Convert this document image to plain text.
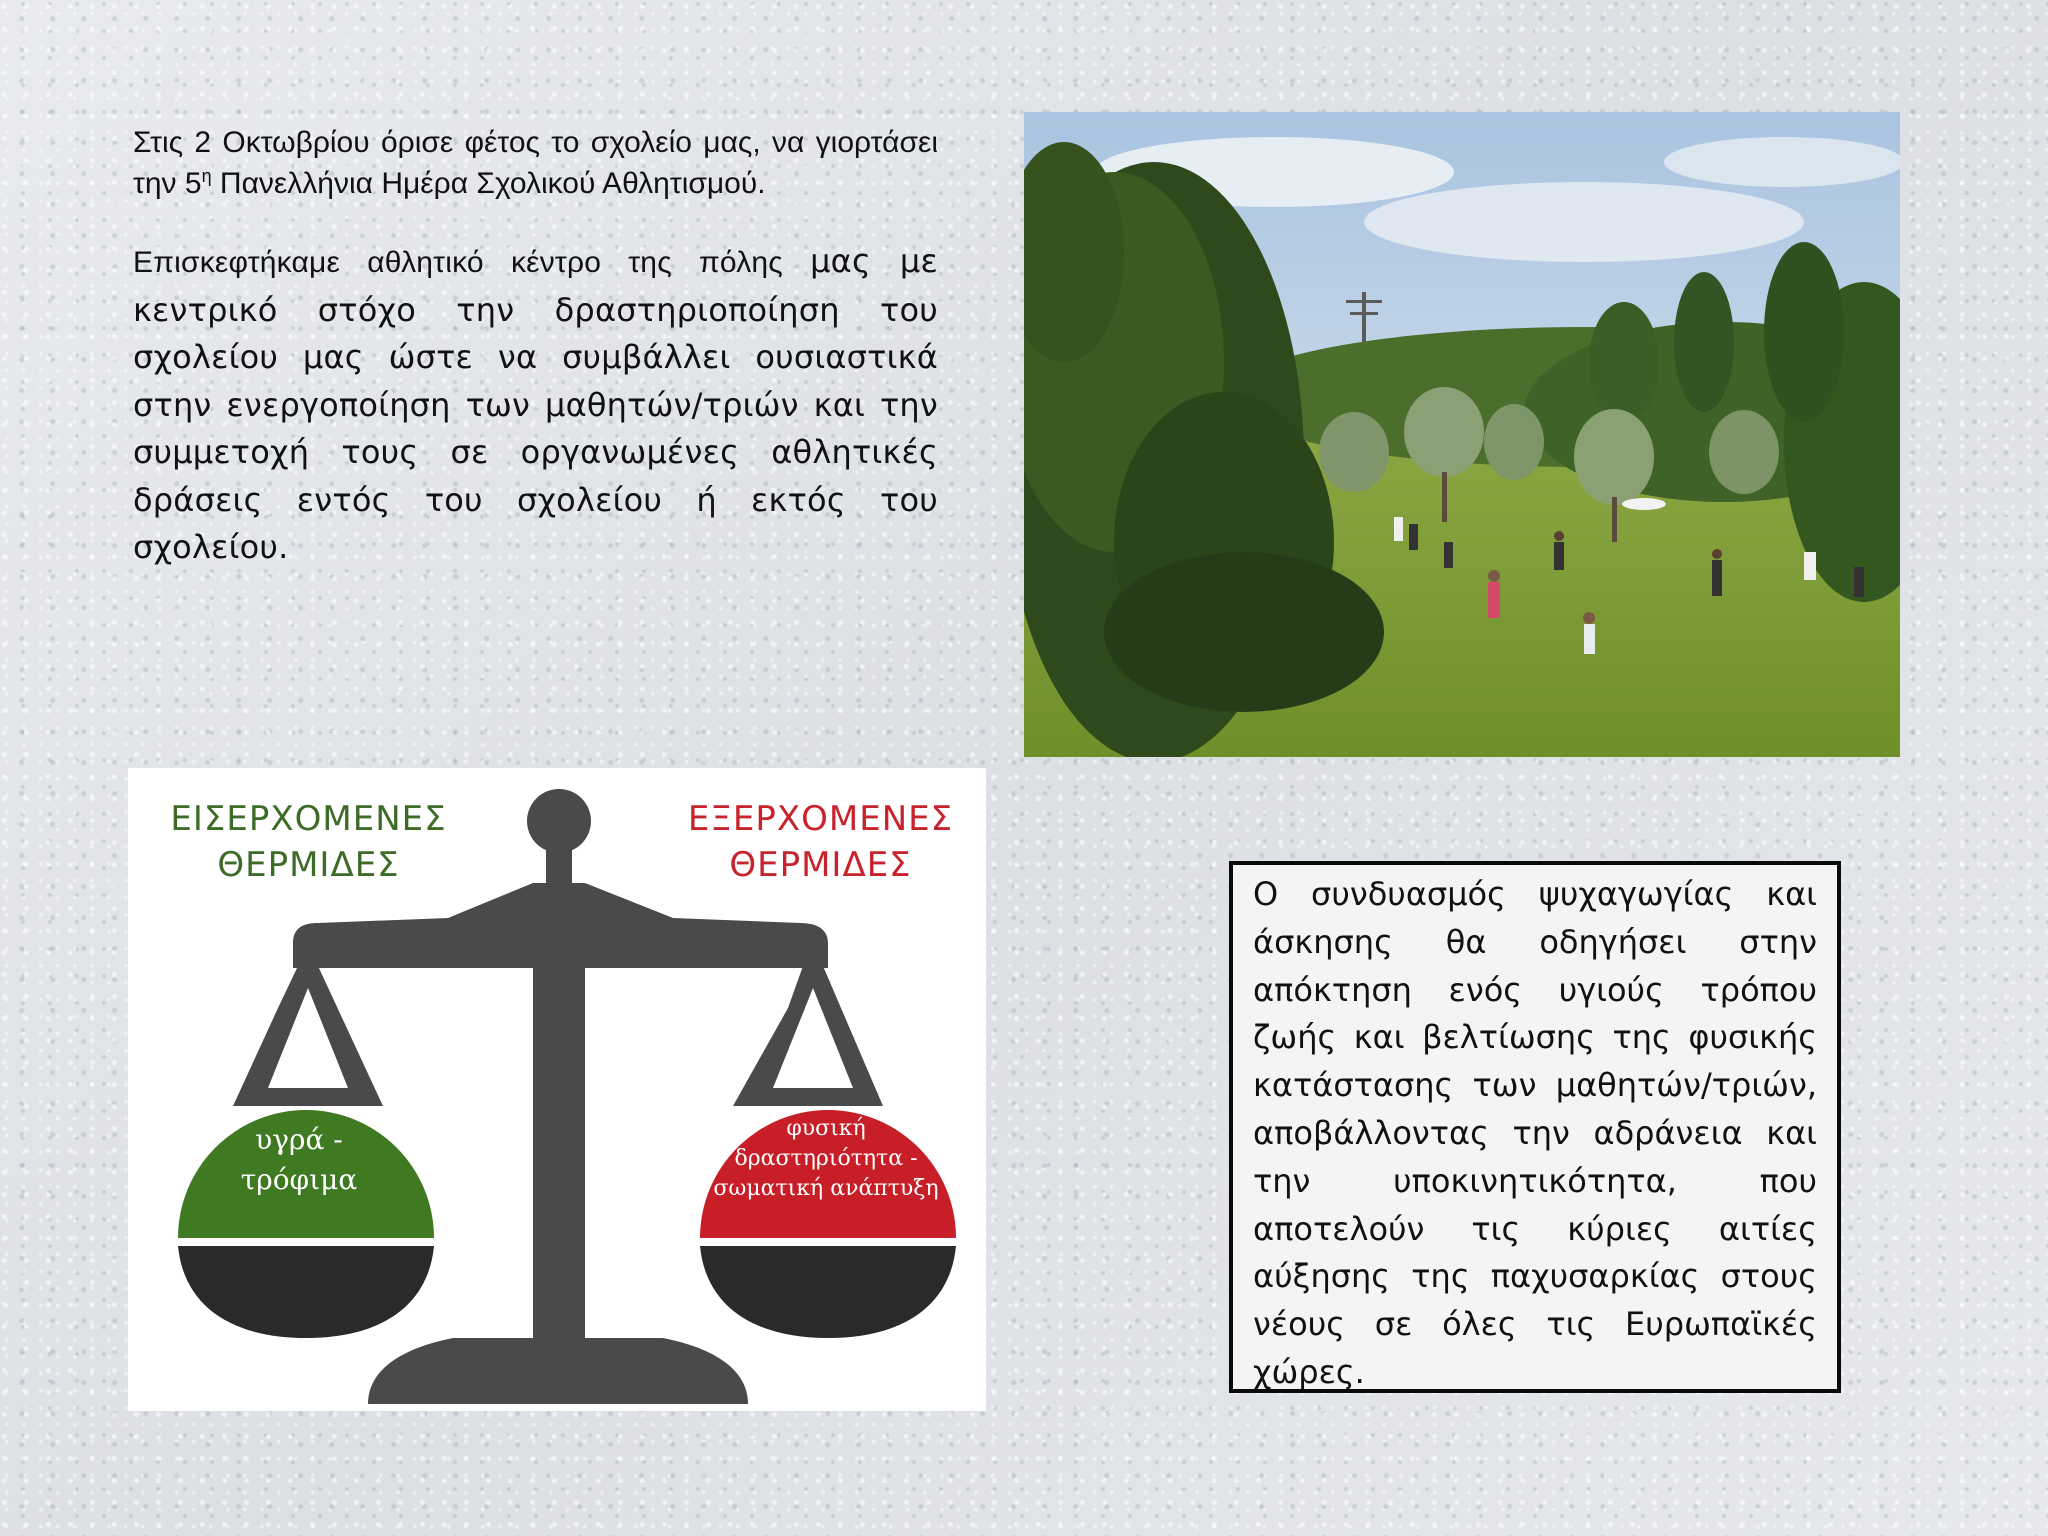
Στις 2 Οκτωβρίου όρισε φέτος το σχολείο μας, να γιορτάσει την $5^\eta$ Πανελλήνια Ημέρα Σχολικού Αθλητισμού.

Επισκεφτήκαμε αθλητικό κέντρο της πόλης μας με κεντρικό στόχο την δραστηριοποίηση του σχολείου μας ώστε να συμβάλλει ουσιαστικά στην ενεργοποίηση των μαθητών/τριών και την συμμετοχή τους σε οργανωμένες αθλητικές δράσεις εντός του σχολείου ή εκτός του σχολείου.

ΕΙΣΕΡΧΟΜΕΝΕΣ
ΘΕΡΜΙΔΕΣ
ΕΞΕΡΧΟΜΕΝΕΣ
ΘΕΡΜΙΔΕΣ
υγρά -
τρόφιμα
φυσική
δραστηριότητα -
σωματική ανάπτυξη

Ο συνδυασμός ψυχαγωγίας και άσκησης θα οδηγήσει στην απόκτηση ενός υγιούς τρόπου ζωής και βελτίωσης της φυσικής κατάστασης των μαθητών/τριών, αποβάλλοντας την αδράνεια και την υποκινητικότητα, που αποτελούν τις κύριες αιτίες αύξησης της παχυσαρκίας στους νέους σε όλες τις Ευρωπαϊκές χώρες.
